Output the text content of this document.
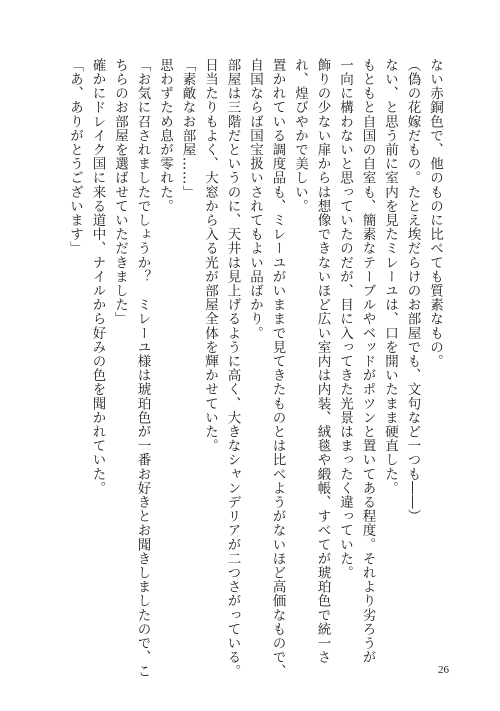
ない赤銅色で、他のものに比べても質素なもの。
（偽の花嫁だもの。たとえ埃だらけのお部屋でも、文句など一つも――）
ない、と思う前に室内を見たミレーユは、口を開いたまま硬直した。
もともと自国の自室も、簡素なテーブルやベッドがポツンと置いてある程度。それより劣ろうが
一向に構わないと思っていたのだが、目に入ってきた光景はまったく違っていた。
飾りの少ない扉からは想像できないほど広い室内は内装、絨毯や緞帳、すべてが琥珀色で統一さ
れ、煌びやかで美しい。
置かれている調度品も、ミレーユがいままで見てきたものとは比べようがないほど高価なもので、
自国ならば国宝扱いされてもよい品ばかり。
部屋は三階だというのに、天井は見上げるように高く、大きなシャンデリアが二つさがっている。
日当たりもよく、大窓から入る光が部屋全体を輝かせていた。
「素敵なお部屋……」
思わずため息が零れた。
「お気に召されましたでしょうか？　ミレーユ様は琥珀色が一番お好きとお聞きしましたので、こ
ちらのお部屋を選ばせていただきました」
確かにドレイク国に来る道中、ナイルから好みの色を聞かれていた。
「あ、ありがとうございます」
26
